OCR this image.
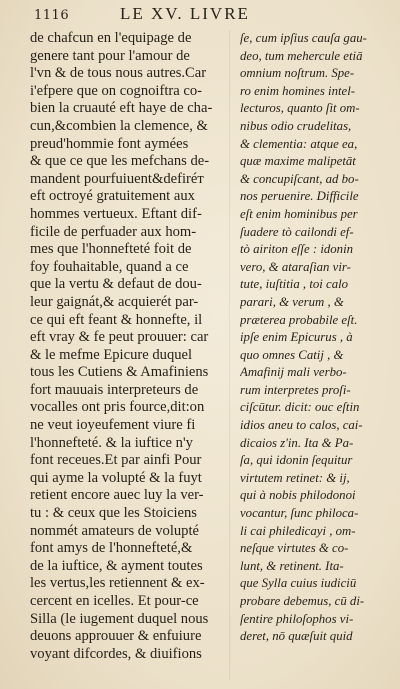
1116	LE XV. LIVRE
de chafcun en l'equipage de
genere tant pour l'amour de
l'vn & de tous nous autres.Car
i'efpere que on cognoiftra co-
bien la cruauté eft haye de cha-
cun,&combien la clemence, &
preud'hommie font aymées
& que ce que les mefchans de-
mandent pourfuiuent&defiréт
eft octroyé gratuitement aux
hommes vertueux. Eftant dif-
ficile de perfuader aux hom-
mes que l'honnefteté foit de
foy fouhaitable, quand a ce
que la vertu & defaut de dou-
leur gaignát,& acquierét par-
ce qui eft feant & honnefte, il
eft vray & fe peut prouuer: car
& le mefme Epicure duquel
tous les Cutiens & Amafiniens
fort mauuais interpreteurs de
vocalles ont pris fource,dit:on
ne veut ioyeufement viure fi
l'honnefteté. & la iuftice n'y
font receues.Et par ainfi Pour
qui ayme la volupté & la fuyt
retient encore auec luy la ver-
tu : & ceux que les Stoiciens
nommét amateurs de volupté
font amys de l'honnefteté,&
de la iuftice, & ayment toutes
les vertus,les retiennent & ex-
cercent en icelles. Et pour-ce
Silla (le iugement duquel nous
deuons approuuer & enfuiure
voyant difcordes, & diuifions
ſe, cum ipſius cauſa gau-
deo, tum mehercule etiā
omnium noſtrum. Spe-
ro enim homines intel-
lecturos, quanto ſit om-
nibus odio crudelitas,
& clementia: atque ea,
quæ maxime malipetāt
& concupiſcant, ad bo-
nos peruenire. Difficile
eſt enim hominibus per
ſuadere tò cailondi ef-
tò airiton eſſe : idonin
vero, & ataraſian vir-
tute, iuſtitia , toi calo
parari, & verum , &
præterea probabile eſt.
ipſe enim Epicurus , à
quo omnes Catij , &
Amafinij mali verbo-
rum interpretes proſi-
ciſcūtur. dicit: ouc eſtin
idios aneu to calos, cai-
dicaios z'in. Ita & Pa-
ſa, qui idonin ſequitur
virtutem retinet: & ij,
qui à nobis philodonoi
vocantur, ſunc philoca-
li cai philedicayi , om-
neſque virtutes & co-
lunt, & retinent. Ita-
que Sylla cuius iudiciū
probare debemus, cū di-
ſentire philoſophos vi-
deret, nō quæſuit quid
